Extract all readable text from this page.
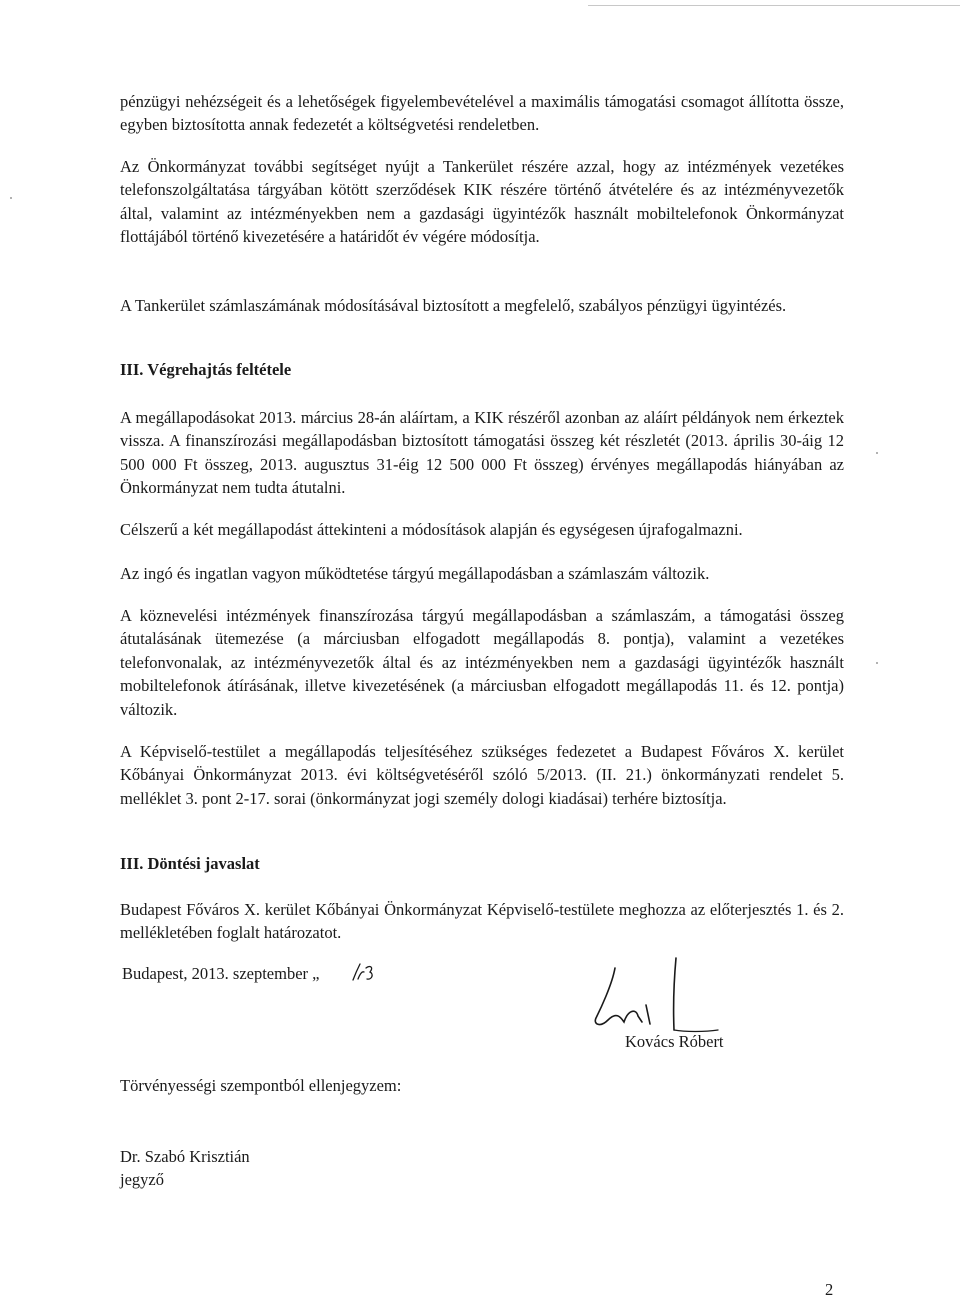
pénzügyi nehézségeit és a lehetőségek figyelembevételével a maximális támogatási csomagot állította össze, egyben biztosította annak fedezetét a költségvetési rendeletben.

Az Önkormányzat további segítséget nyújt a Tankerület részére azzal, hogy az intézmények vezetékes telefonszolgáltatása tárgyában kötött szerződések KIK részére történő átvételére és az intézményvezetők által, valamint az intézményekben nem a gazdasági ügyintézők használt mobiltelefonok Önkormányzat flottájából történő kivezetésére a határidőt év végére módosítja.

A Tankerület számlaszámának módosításával biztosított a megfelelő, szabályos pénzügyi ügyintézés.

III. Végrehajtás feltétele

A megállapodásokat 2013. március 28-án aláírtam, a KIK részéről azonban az aláírt példányok nem érkeztek vissza. A finanszírozási megállapodásban biztosított támogatási összeg két részletét (2013. április 30-áig 12 500 000 Ft összeg, 2013. augusztus 31-éig 12 500 000 Ft összeg) érvényes megállapodás hiányában az Önkormányzat nem tudta átutalni.

Célszerű a két megállapodást áttekinteni a módosítások alapján és egységesen újrafogalmazni.

Az ingó és ingatlan vagyon működtetése tárgyú megállapodásban a számlaszám változik.

A köznevelési intézmények finanszírozása tárgyú megállapodásban a számlaszám, a támogatási összeg átutalásának ütemezése (a márciusban elfogadott megállapodás 8. pontja), valamint a vezetékes telefonvonalak, az intézményvezetők által és az intézményekben nem a gazdasági ügyintézők használt mobiltelefonok átírásának, illetve kivezetésének (a márciusban elfogadott megállapodás 11. és 12. pontja) változik.

A Képviselő-testület a megállapodás teljesítéséhez szükséges fedezetet a Budapest Főváros X. kerület Kőbányai Önkormányzat 2013. évi költségvetéséről szóló 5/2013. (II. 21.) önkormányzati rendelet 5. melléklet 3. pont 2-17. sorai (önkormányzat jogi személy dologi kiadásai) terhére biztosítja.

III. Döntési javaslat

Budapest Főváros X. kerület Kőbányai Önkormányzat Képviselő-testülete meghozza az előterjesztés 1. és 2. mellékletében foglalt határozatot.

Budapest, 2013. szeptember „
Kovács Róbert
Törvényességi szempontból ellenjegyzem:
Dr. Szabó Krisztián
jegyző
2
